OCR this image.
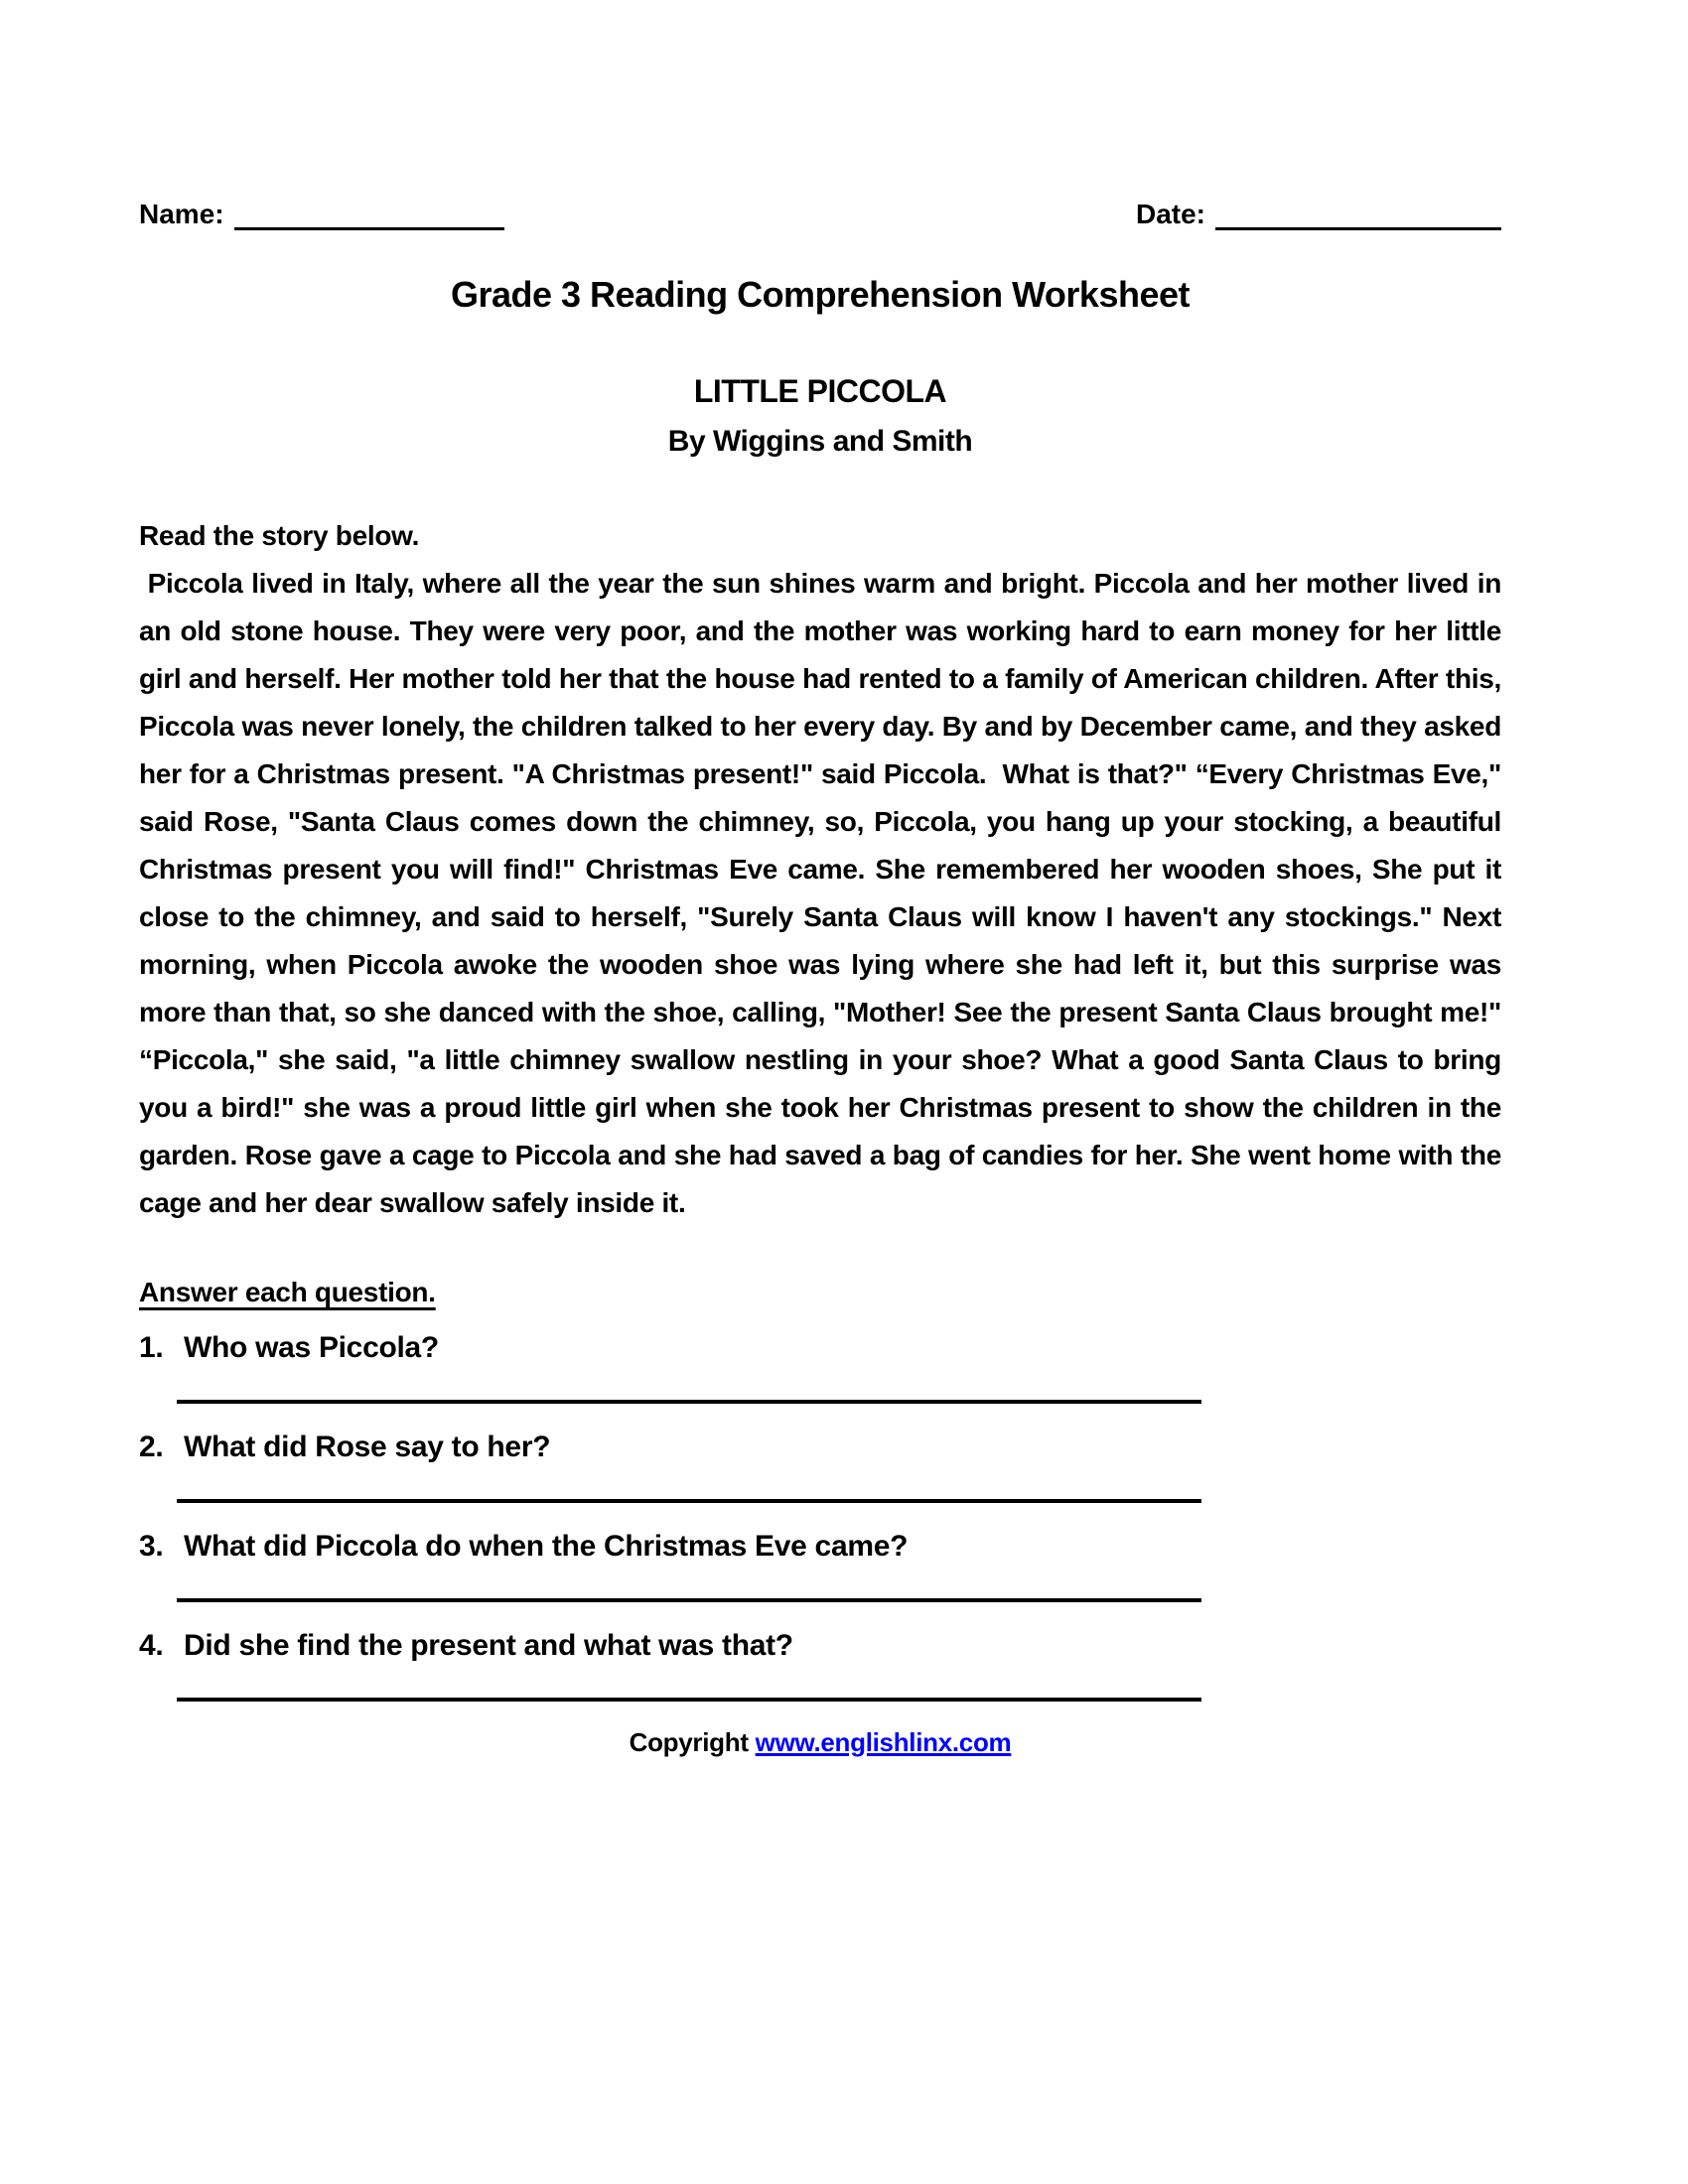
Name:	Date:
Grade 3 Reading Comprehension Worksheet
LITTLE PICCOLA
By Wiggins and Smith
Read the story below.
Piccola lived in Italy, where all the year the sun shines warm and bright. Piccola and her mother lived in an old stone house. They were very poor, and the mother was working hard to earn money for her little girl and herself. Her mother told her that the house had rented to a family of American children. After this, Piccola was never lonely, the children talked to her every day. By and by December came, and they asked her for a Christmas present. "A Christmas present!" said Piccola.  What is that?" “Every Christmas Eve," said Rose, "Santa Claus comes down the chimney, so, Piccola, you hang up your stocking, a beautiful Christmas present you will find!" Christmas Eve came. She remembered her wooden shoes, She put it close to the chimney, and said to herself, "Surely Santa Claus will know I haven't any stockings." Next morning, when Piccola awoke the wooden shoe was lying where she had left it, but this surprise was more than that, so she danced with the shoe, calling, "Mother! See the present Santa Claus brought me!" “Piccola," she said, "a little chimney swallow nestling in your shoe? What a good Santa Claus to bring you a bird!" she was a proud little girl when she took her Christmas present to show the children in the garden. Rose gave a cage to Piccola and she had saved a bag of candies for her. She went home with the cage and her dear swallow safely inside it.
Answer each question.
1. Who was Piccola?
2. What did Rose say to her?
3. What did Piccola do when the Christmas Eve came?
4. Did she find the present and what was that?
Copyright www.englishlinx.com
